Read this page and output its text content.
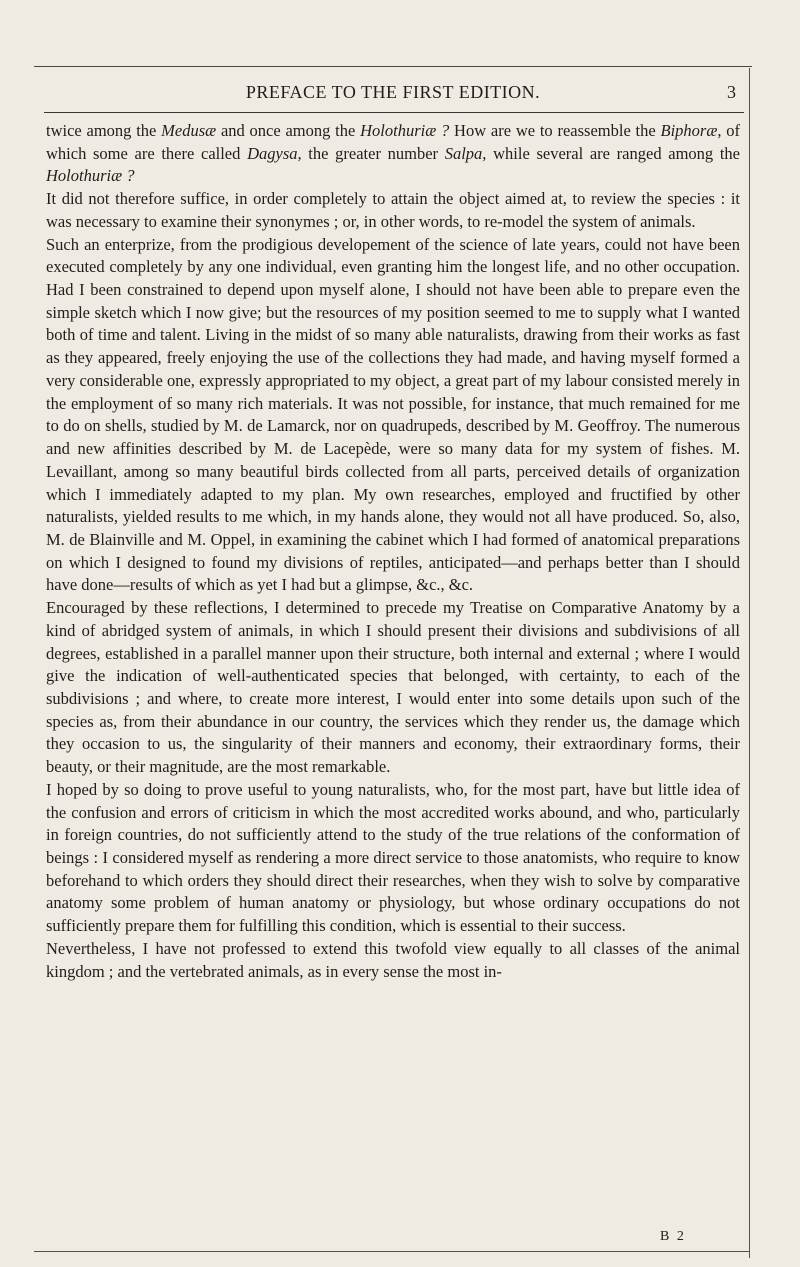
PREFACE TO THE FIRST EDITION.	3

twice among the Medusæ and once among the Holothuriæ ? How are we to reassemble the Biphoræ, of which some are there called Dagysa, the greater number Salpa, while several are ranged among the Holothuriæ ?

It did not therefore suffice, in order completely to attain the object aimed at, to review the species : it was necessary to examine their synonymes ; or, in other words, to re-model the system of animals.

Such an enterprize, from the prodigious developement of the science of late years, could not have been executed completely by any one individual, even granting him the longest life, and no other occupation. Had I been constrained to depend upon myself alone, I should not have been able to prepare even the simple sketch which I now give; but the resources of my position seemed to me to supply what I wanted both of time and talent. Living in the midst of so many able naturalists, drawing from their works as fast as they appeared, freely enjoying the use of the collections they had made, and having myself formed a very considerable one, expressly appropriated to my object, a great part of my labour consisted merely in the employment of so many rich materials. It was not possible, for instance, that much remained for me to do on shells, studied by M. de Lamarck, nor on quadrupeds, described by M. Geoffroy. The numerous and new affinities described by M. de Lacepède, were so many data for my system of fishes. M. Levaillant, among so many beautiful birds collected from all parts, perceived details of organization which I immediately adapted to my plan. My own researches, employed and fructified by other naturalists, yielded results to me which, in my hands alone, they would not all have produced. So, also, M. de Blainville and M. Oppel, in examining the cabinet which I had formed of anatomical preparations on which I designed to found my divisions of reptiles, anticipated—and perhaps better than I should have done—results of which as yet I had but a glimpse, &c., &c.

Encouraged by these reflections, I determined to precede my Treatise on Comparative Anatomy by a kind of abridged system of animals, in which I should present their divisions and subdivisions of all degrees, established in a parallel manner upon their structure, both internal and external ; where I would give the indication of well-authenticated species that belonged, with certainty, to each of the subdivisions ; and where, to create more interest, I would enter into some details upon such of the species as, from their abundance in our country, the services which they render us, the damage which they occasion to us, the singularity of their manners and economy, their extraordinary forms, their beauty, or their magnitude, are the most remarkable.

I hoped by so doing to prove useful to young naturalists, who, for the most part, have but little idea of the confusion and errors of criticism in which the most accredited works abound, and who, particularly in foreign countries, do not sufficiently attend to the study of the true relations of the conformation of beings : I considered myself as rendering a more direct service to those anatomists, who require to know beforehand to which orders they should direct their researches, when they wish to solve by comparative anatomy some problem of human anatomy or physiology, but whose ordinary occupations do not sufficiently prepare them for fulfilling this condition, which is essential to their success.

Nevertheless, I have not professed to extend this twofold view equally to all classes of the animal kingdom ; and the vertebrated animals, as in every sense the most in-

B 2
